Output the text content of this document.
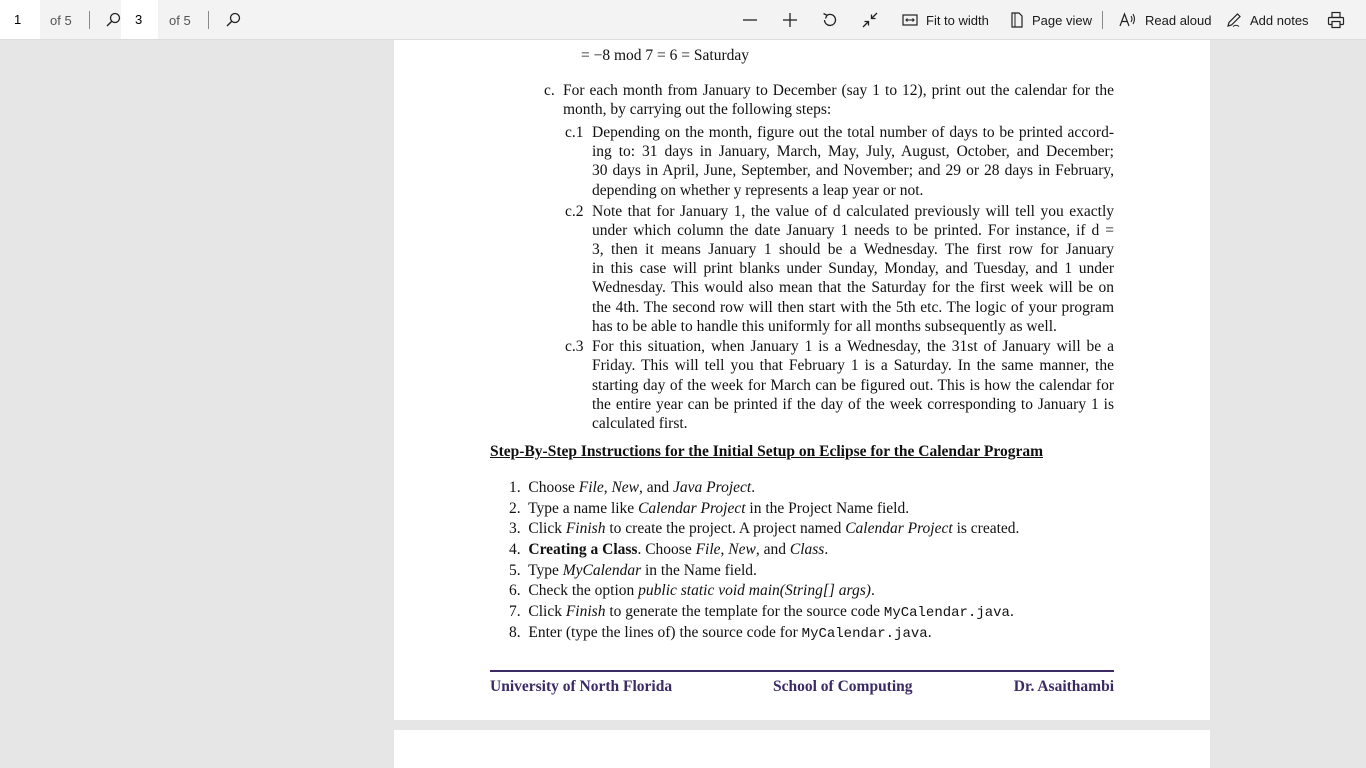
1 of 5	3 of 5	Fit to width	Page view	Read aloud	Add notes
= −8 mod 7 = 6 = Saturday
c. For each month from January to December (say 1 to 12), print out the calendar for the
month, by carrying out the following steps:
c.1 Depending on the month, figure out the total number of days to be printed accord-
ing to: 31 days in January, March, May, July, August, October, and December;
30 days in April, June, September, and November; and 29 or 28 days in February,
depending on whether y represents a leap year or not.
c.2 Note that for January 1, the value of d calculated previously will tell you exactly
under which column the date January 1 needs to be printed. For instance, if d =
3, then it means January 1 should be a Wednesday. The first row for January
in this case will print blanks under Sunday, Monday, and Tuesday, and 1 under
Wednesday. This would also mean that the Saturday for the first week will be on
the 4th. The second row will then start with the 5th etc. The logic of your program
has to be able to handle this uniformly for all months subsequently as well.
c.3 For this situation, when January 1 is a Wednesday, the 31st of January will be a
Friday. This will tell you that February 1 is a Saturday. In the same manner, the
starting day of the week for March can be figured out. This is how the calendar for
the entire year can be printed if the day of the week corresponding to January 1 is
calculated first.
Step-By-Step Instructions for the Initial Setup on Eclipse for the Calendar Program
1. Choose File, New, and Java Project.
2. Type a name like Calendar Project in the Project Name field.
3. Click Finish to create the project. A project named Calendar Project is created.
4. Creating a Class. Choose File, New, and Class.
5. Type MyCalendar in the Name field.
6. Check the option public static void main(String[] args).
7. Click Finish to generate the template for the source code MyCalendar.java.
8. Enter (type the lines of) the source code for MyCalendar.java.
University of North Florida	School of Computing	Dr. Asaithambi
